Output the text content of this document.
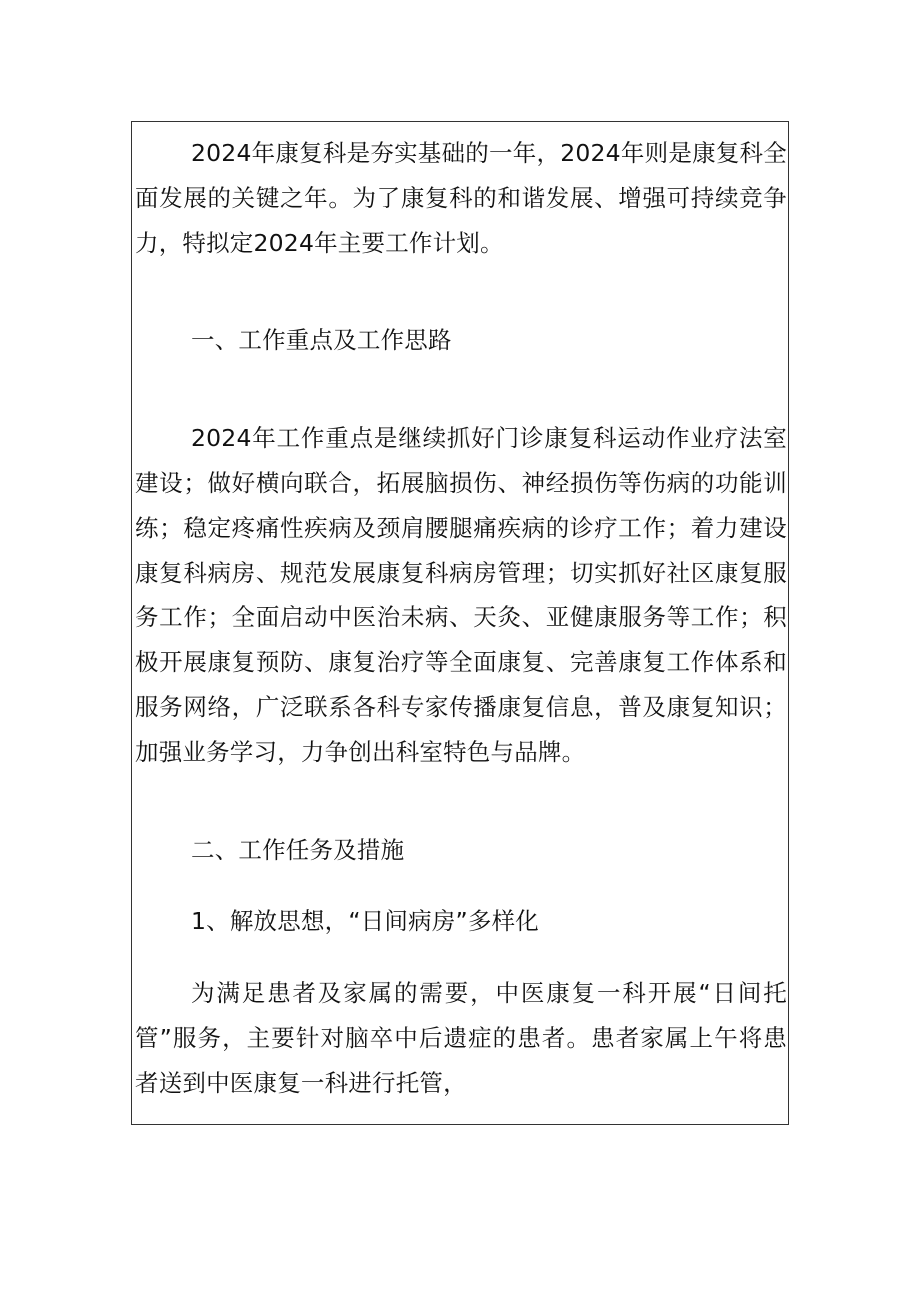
2024年康复科是夯实基础的一年，2024年则是康复科全面发展的关键之年。为了康复科的和谐发展、增强可持续竞争力，特拟定2024年主要工作计划。

一、工作重点及工作思路

2024年工作重点是继续抓好门诊康复科运动作业疗法室建设；做好横向联合，拓展脑损伤、神经损伤等伤病的功能训练；稳定疼痛性疾病及颈肩腰腿痛疾病的诊疗工作；着力建设康复科病房、规范发展康复科病房管理；切实抓好社区康复服务工作；全面启动中医治未病、天灸、亚健康服务等工作；积极开展康复预防、康复治疗等全面康复、完善康复工作体系和服务网络，广泛联系各科专家传播康复信息，普及康复知识；加强业务学习，力争创出科室特色与品牌。

二、工作任务及措施

1、解放思想，“日间病房”多样化

为满足患者及家属的需要，中医康复一科开展“日间托管”服务，主要针对脑卒中后遗症的患者。患者家属上午将患者送到中医康复一科进行托管，
